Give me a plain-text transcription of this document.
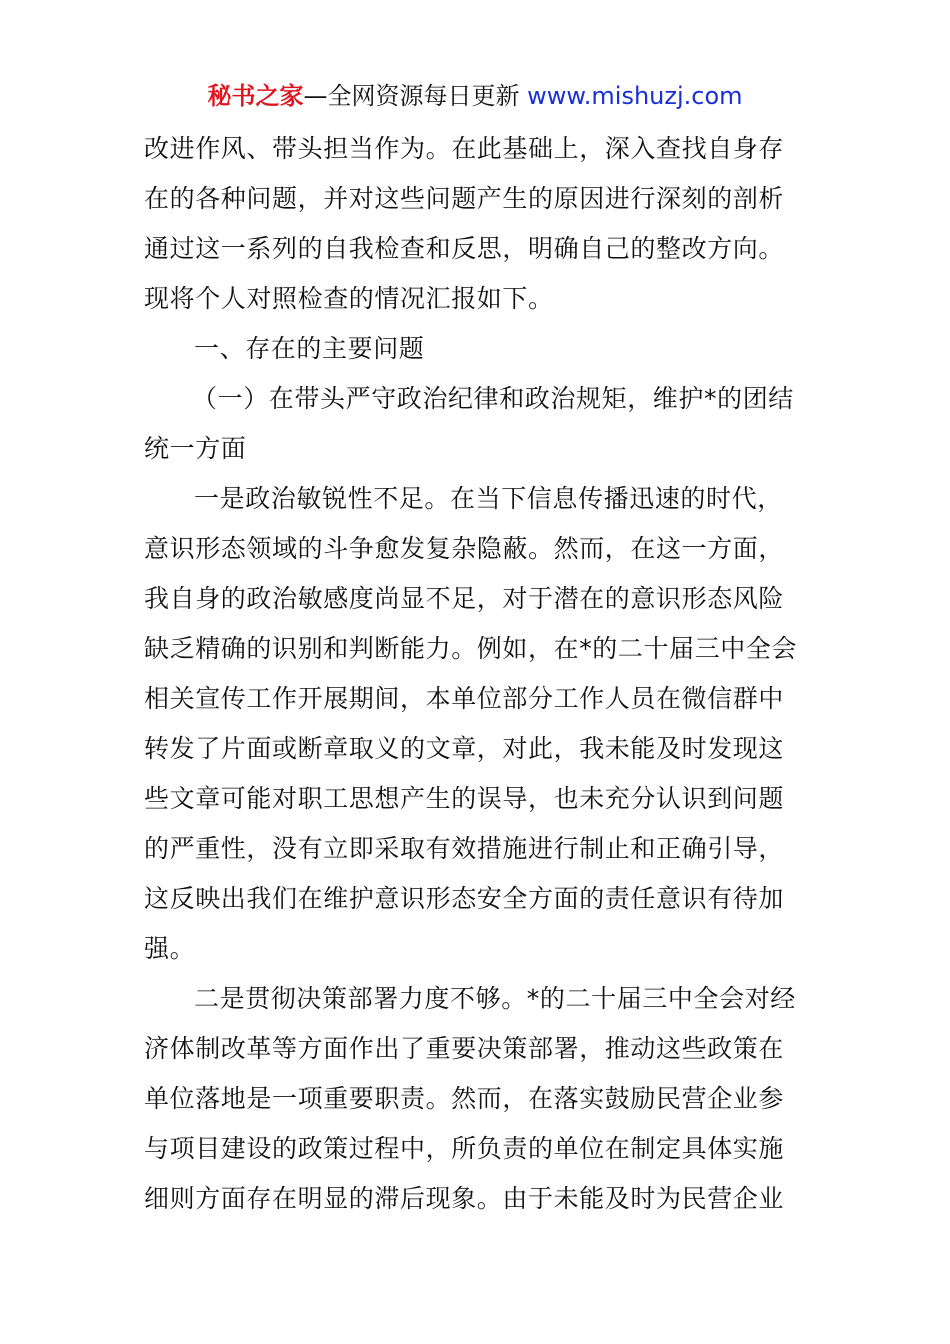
秘书之家—全网资源每日更新 www.mishuzj.com
改进作风、带头担当作为。在此基础上，深入查找自身存
在的各种问题，并对这些问题产生的原因进行深刻的剖析
通过这一系列的自我检查和反思，明确自己的整改方向。
现将个人对照检查的情况汇报如下。
一、存在的主要问题
（一）在带头严守政治纪律和政治规矩，维护*的团结
统一方面
一是政治敏锐性不足。在当下信息传播迅速的时代，
意识形态领域的斗争愈发复杂隐蔽。然而，在这一方面，
我自身的政治敏感度尚显不足，对于潜在的意识形态风险
缺乏精确的识别和判断能力。例如，在*的二十届三中全会
相关宣传工作开展期间，本单位部分工作人员在微信群中
转发了片面或断章取义的文章，对此，我未能及时发现这
些文章可能对职工思想产生的误导，也未充分认识到问题
的严重性，没有立即采取有效措施进行制止和正确引导，
这反映出我们在维护意识形态安全方面的责任意识有待加
强。
二是贯彻决策部署力度不够。*的二十届三中全会对经
济体制改革等方面作出了重要决策部署，推动这些政策在
单位落地是一项重要职责。然而，在落实鼓励民营企业参
与项目建设的政策过程中，所负责的单位在制定具体实施
细则方面存在明显的滞后现象。由于未能及时为民营企业
